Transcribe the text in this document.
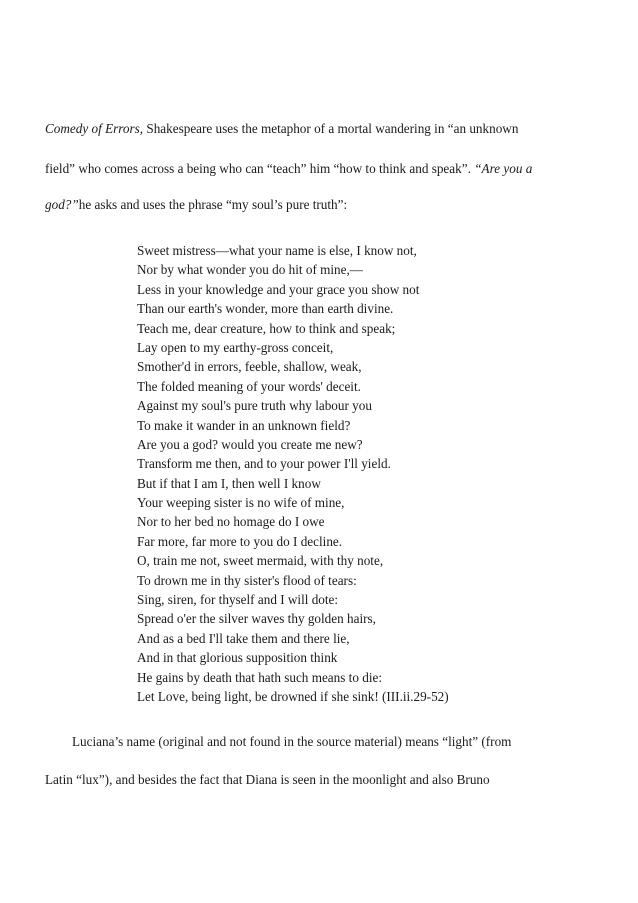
Comedy of Errors, Shakespeare uses the metaphor of a mortal wandering in “an unknown
field” who comes across a being who can “teach” him “how to think and speak”. “Are you a
god?”he asks and uses the phrase “my soul’s pure truth”:
Sweet mistress—what your name is else, I know not,
Nor by what wonder you do hit of mine,—
Less in your knowledge and your grace you show not
Than our earth's wonder, more than earth divine.
Teach me, dear creature, how to think and speak;
Lay open to my earthy-gross conceit,
Smother'd in errors, feeble, shallow, weak,
The folded meaning of your words' deceit.
Against my soul's pure truth why labour you
To make it wander in an unknown field?
Are you a god? would you create me new?
Transform me then, and to your power I'll yield.
But if that I am I, then well I know
Your weeping sister is no wife of mine,
Nor to her bed no homage do I owe
Far more, far more to you do I decline.
O, train me not, sweet mermaid, with thy note,
To drown me in thy sister's flood of tears:
Sing, siren, for thyself and I will dote:
Spread o'er the silver waves thy golden hairs,
And as a bed I'll take them and there lie,
And in that glorious supposition think
He gains by death that hath such means to die:
Let Love, being light, be drowned if she sink! (III.ii.29-52)
Luciana’s name (original and not found in the source material) means “light” (from
Latin “lux”), and besides the fact that Diana is seen in the moonlight and also Bruno
